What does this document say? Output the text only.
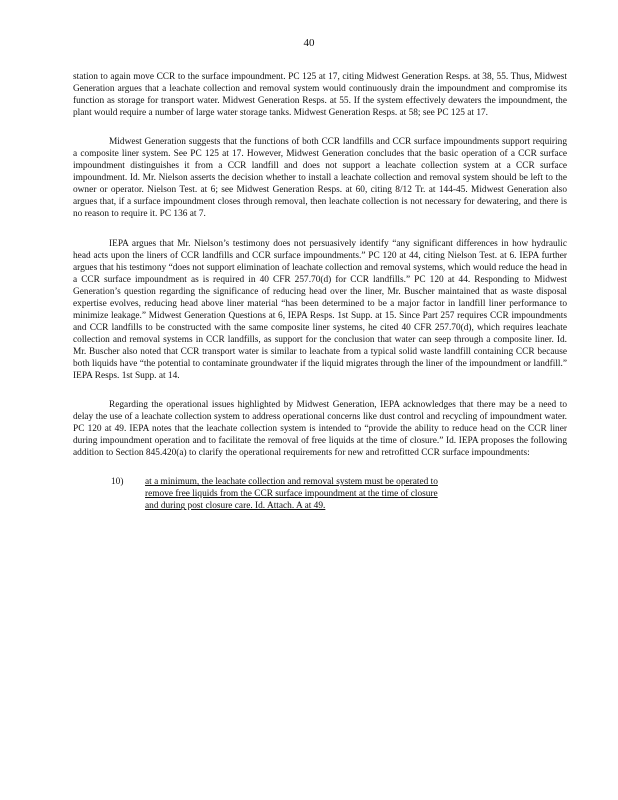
40

station to again move CCR to the surface impoundment. PC 125 at 17, citing Midwest Generation Resps. at 38, 55. Thus, Midwest Generation argues that a leachate collection and removal system would continuously drain the impoundment and compromise its function as storage for transport water. Midwest Generation Resps. at 55. If the system effectively dewaters the impoundment, the plant would require a number of large water storage tanks. Midwest Generation Resps. at 58; see PC 125 at 17.

Midwest Generation suggests that the functions of both CCR landfills and CCR surface impoundments support requiring a composite liner system. See PC 125 at 17. However, Midwest Generation concludes that the basic operation of a CCR surface impoundment distinguishes it from a CCR landfill and does not support a leachate collection system at a CCR surface impoundment. Id. Mr. Nielson asserts the decision whether to install a leachate collection and removal system should be left to the owner or operator. Nielson Test. at 6; see Midwest Generation Resps. at 60, citing 8/12 Tr. at 144-45. Midwest Generation also argues that, if a surface impoundment closes through removal, then leachate collection is not necessary for dewatering, and there is no reason to require it. PC 136 at 7.

IEPA argues that Mr. Nielson’s testimony does not persuasively identify “any significant differences in how hydraulic head acts upon the liners of CCR landfills and CCR surface impoundments.” PC 120 at 44, citing Nielson Test. at 6. IEPA further argues that his testimony “does not support elimination of leachate collection and removal systems, which would reduce the head in a CCR surface impoundment as is required in 40 CFR 257.70(d) for CCR landfills.” PC 120 at 44. Responding to Midwest Generation’s question regarding the significance of reducing head over the liner, Mr. Buscher maintained that as waste disposal expertise evolves, reducing head above liner material “has been determined to be a major factor in landfill liner performance to minimize leakage.” Midwest Generation Questions at 6, IEPA Resps. 1st Supp. at 15. Since Part 257 requires CCR impoundments and CCR landfills to be constructed with the same composite liner systems, he cited 40 CFR 257.70(d), which requires leachate collection and removal systems in CCR landfills, as support for the conclusion that water can seep through a composite liner. Id. Mr. Buscher also noted that CCR transport water is similar to leachate from a typical solid waste landfill containing CCR because both liquids have “the potential to contaminate groundwater if the liquid migrates through the liner of the impoundment or landfill.” IEPA Resps. 1st Supp. at 14.

Regarding the operational issues highlighted by Midwest Generation, IEPA acknowledges that there may be a need to delay the use of a leachate collection system to address operational concerns like dust control and recycling of impoundment water. PC 120 at 49. IEPA notes that the leachate collection system is intended to “provide the ability to reduce head on the CCR liner during impoundment operation and to facilitate the removal of free liquids at the time of closure.” Id. IEPA proposes the following addition to Section 845.420(a) to clarify the operational requirements for new and retrofitted CCR surface impoundments:

10) at a minimum, the leachate collection and removal system must be operated to
remove free liquids from the CCR surface impoundment at the time of closure
and during post closure care. Id. Attach. A at 49.
